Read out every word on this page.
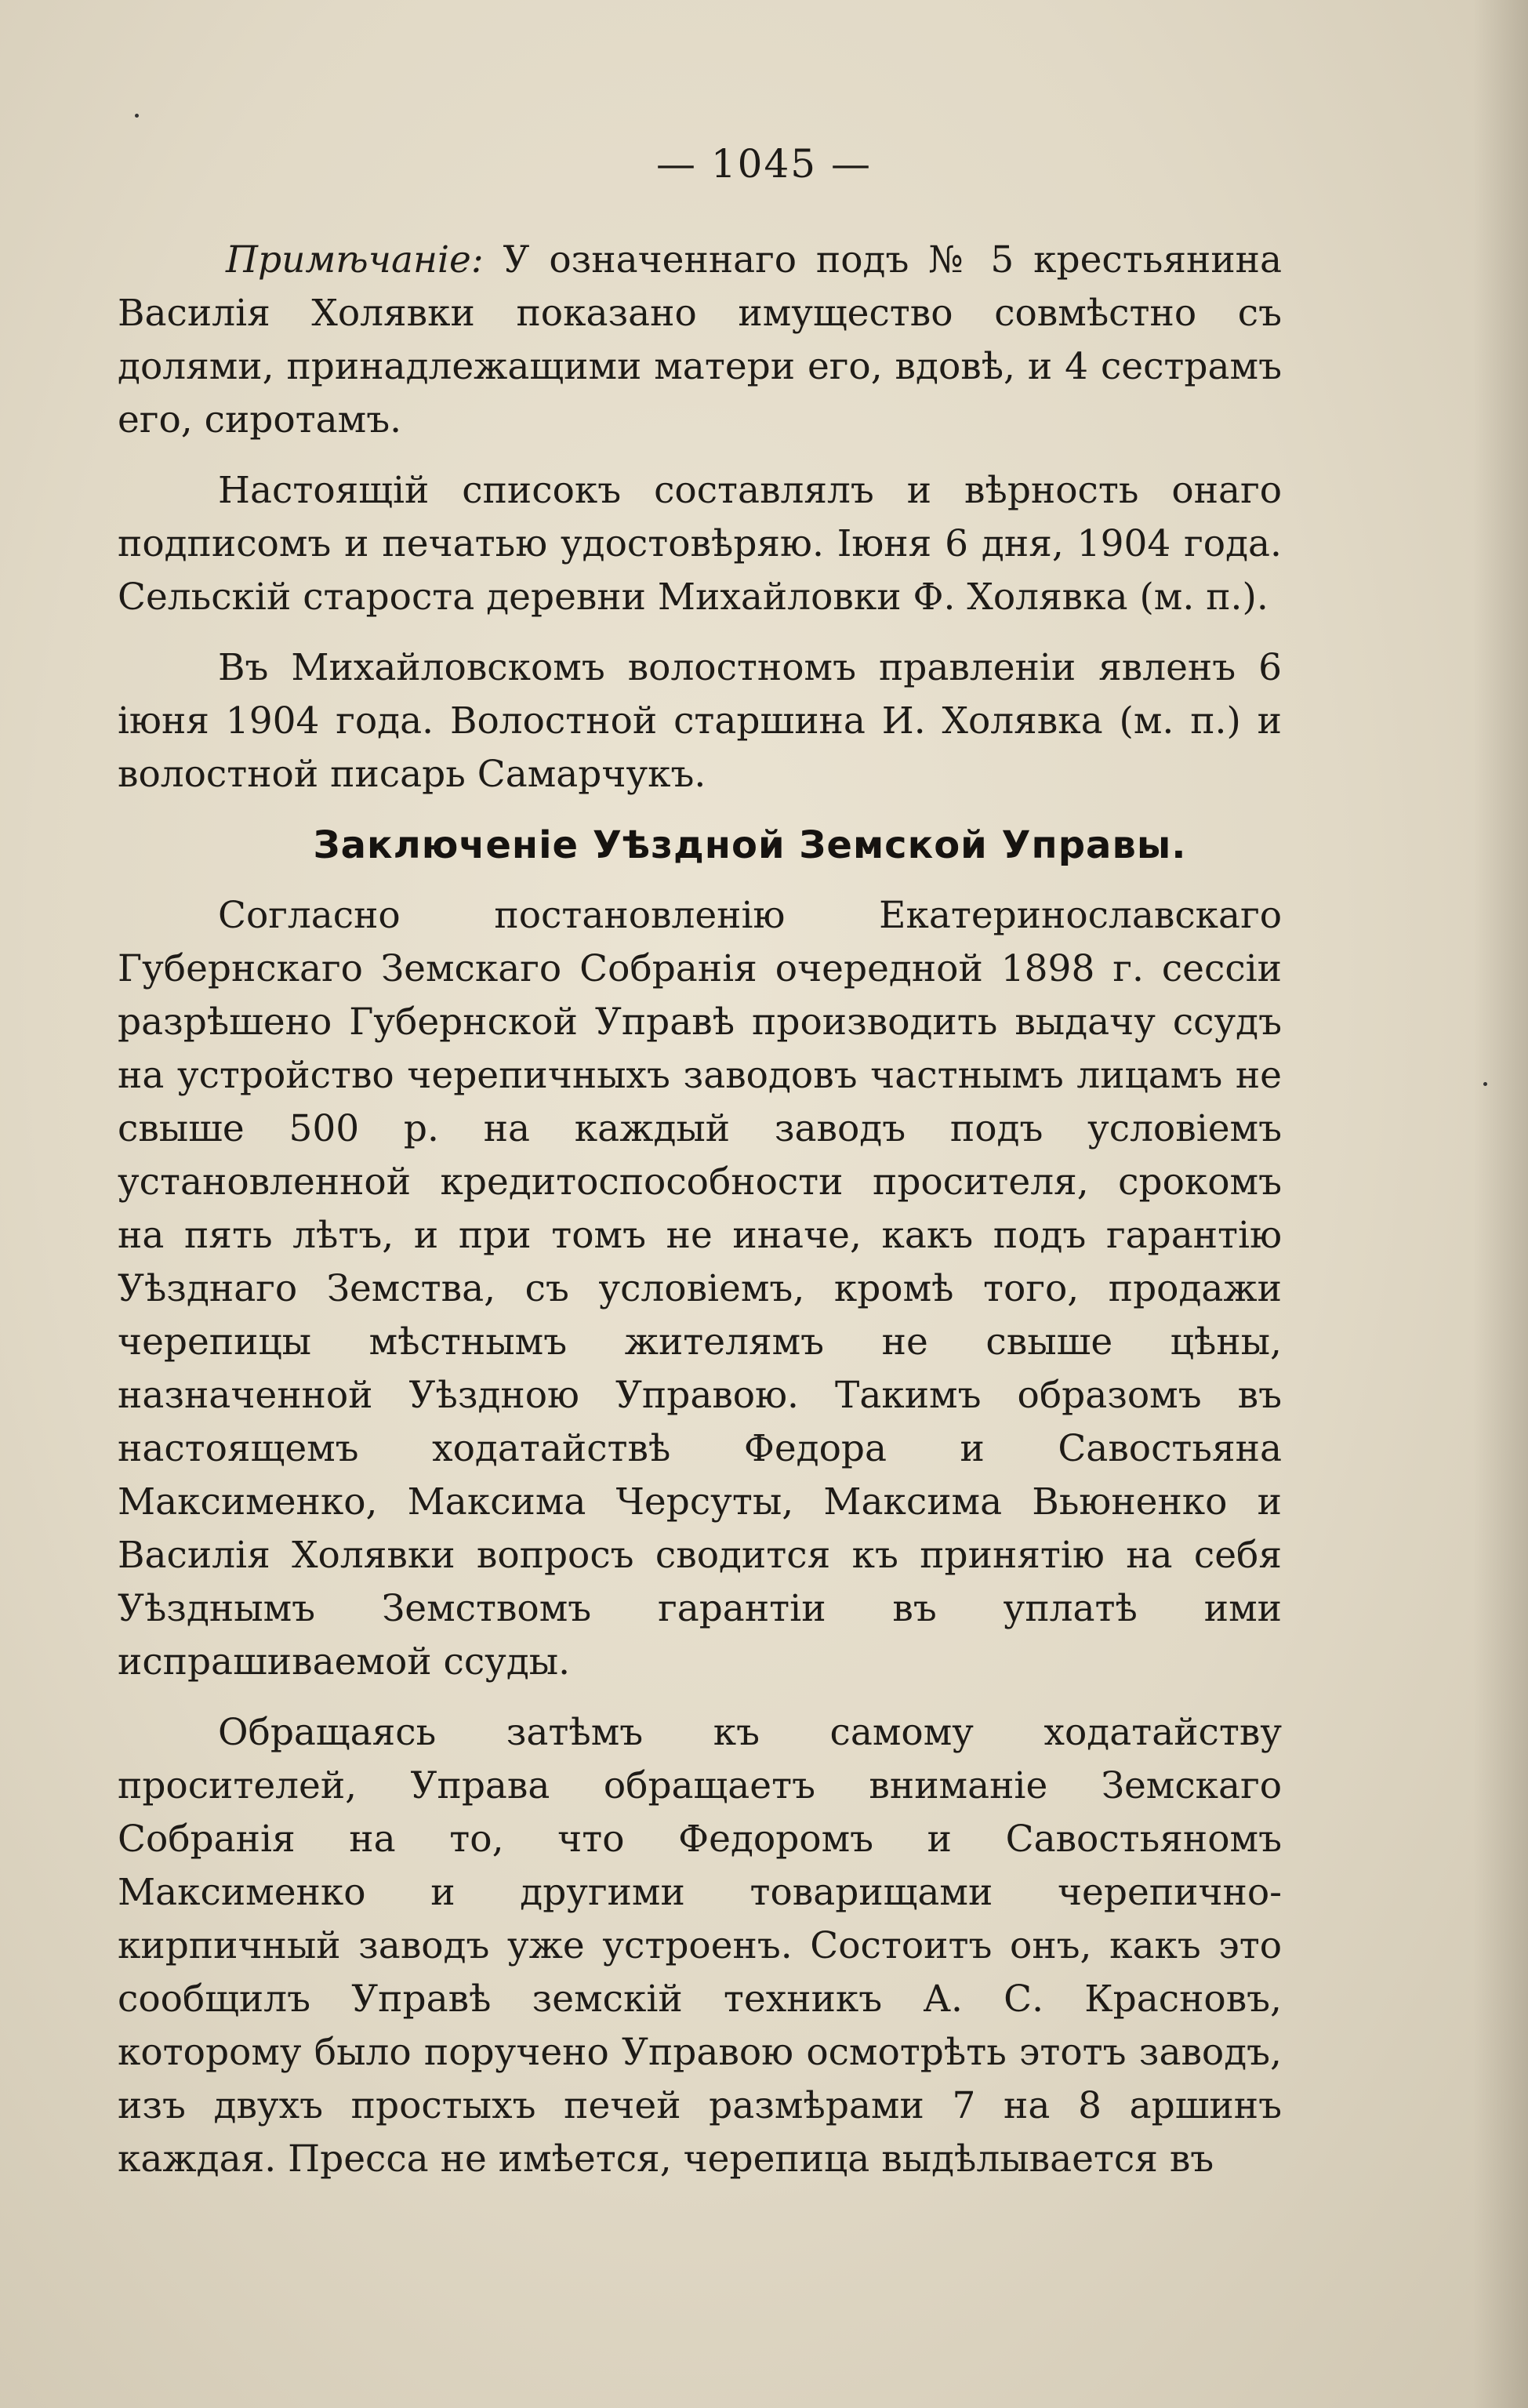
— 1045 —

Примѣчаніе: У означеннаго подъ № 5 крестьянина Василія Холявки показано имущество совмѣстно съ долями, принадлежащими матери его, вдовѣ, и 4 сестрамъ его, сиротамъ.

Настоящій списокъ составлялъ и вѣрность онаго подписомъ и печатью удостовѣряю. Іюня 6 дня, 1904 года. Сельскій староста деревни Михайловки Ф. Холявка (м. п.).

Въ Михайловскомъ волостномъ правленіи явленъ 6 іюня 1904 года. Волостной старшина И. Холявка (м. п.) и волостной писарь Самарчукъ.

Заключеніе Уѣздной Земской Управы.

Согласно постановленію Екатеринославскаго Губернскаго Земскаго Собранія очередной 1898 г. сессіи разрѣшено Губернской Управѣ производить выдачу ссудъ на устройство черепичныхъ заводовъ частнымъ лицамъ не свыше 500 р. на каждый заводъ подъ условіемъ установленной кредитоспособности просителя, срокомъ на пять лѣтъ, и при томъ не иначе, какъ подъ гарантію Уѣзднаго Земства, съ условіемъ, кромѣ того, продажи черепицы мѣстнымъ жителямъ не свыше цѣны, назначенной Уѣздною Управою. Такимъ образомъ въ настоящемъ ходатайствѣ Федора и Савостьяна Максименко, Максима Черсуты, Максима Вьюненко и Василія Холявки вопросъ сводится къ принятію на себя Уѣзднымъ Земствомъ гарантіи въ уплатѣ ими испрашиваемой ссуды.

Обращаясь затѣмъ къ самому ходатайству просителей, Управа обращаетъ вниманіе Земскаго Собранія на то, что Федоромъ и Савостьяномъ Максименко и другими товарищами черепично-кирпичный заводъ уже устроенъ. Состоитъ онъ, какъ это сообщилъ Управѣ земскій техникъ А. С. Красновъ, которому было поручено Управою осмотрѣть этотъ заводъ, изъ двухъ простыхъ печей размѣрами 7 на 8 аршинъ каждая. Пресса не имѣется, черепица выдѣлывается въ
